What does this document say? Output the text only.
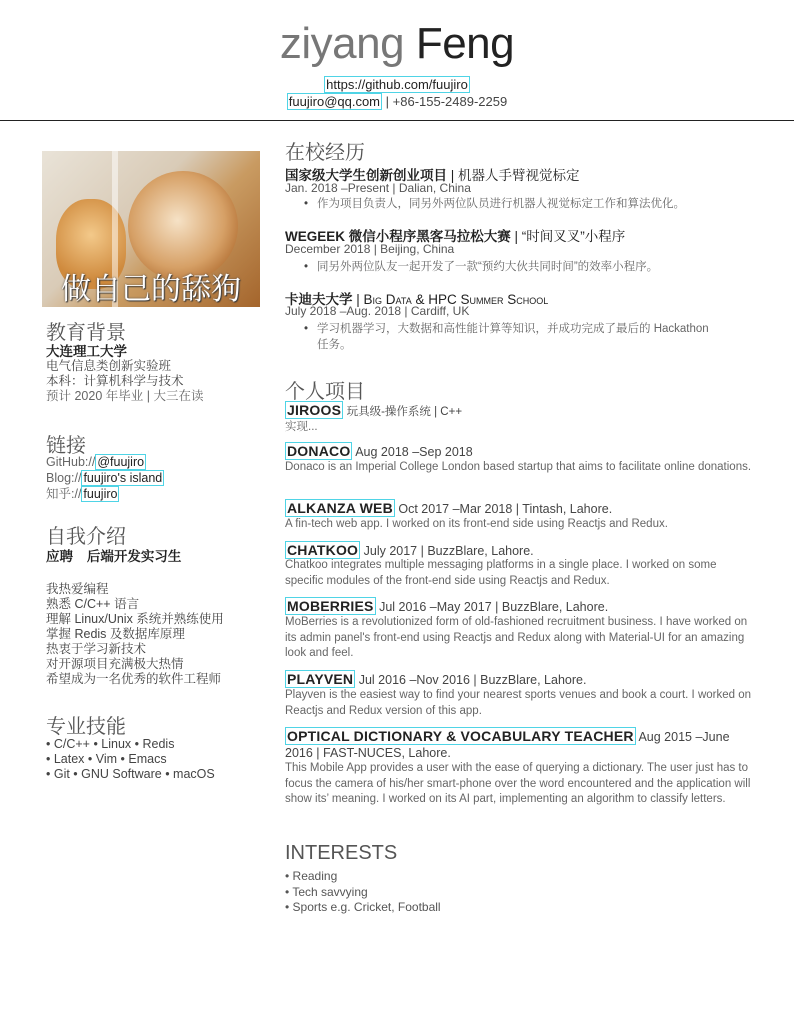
ziyang Feng
https://github.com/fuujiro
fuujiro@qq.com | +86-155-2489-2259
做自己的舔狗
教育背景
大连理工大学
电气信息类创新实验班
本科：计算机科学与技术
预计 2020 年毕业 | 大三在读
链接
GitHub:// @fuujiro
Blog:// fuujiro's island
知乎:// fuujiro
自我介绍
应聘 后端开发实习生
我热爱编程
熟悉 C/C++ 语言
理解 Linux/Unix 系统并熟练使用
掌握 Redis 及数据库原理
热衷于学习新技术
对开源项目充满极大热情
希望成为一名优秀的软件工程师
专业技能
• C/C++ • Linux • Redis
• Latex • Vim • Emacs
• Git • GNU Software • macOS
在校经历
国家级大学生创新创业项目 | 机器人手臂视觉标定
Jan. 2018 –Present | Dalian, China
• 作为项目负责人，同另外两位队员进行机器人视觉标定工作和算法优化。
WEGEEK 微信小程序黑客马拉松大赛 | “时间叉叉”小程序
December 2018 | Beijing, China
• 同另外两位队友一起开发了一款“预约大伙共同时间”的效率小程序。
卡迪夫大学 | Big Data & HPC Summer School
July 2018 –Aug. 2018 | Cardiff, UK
• 学习机器学习，大数据和高性能计算等知识，并成功完成了最后的 Hackathon 任务。
个人项目
JIROOS 玩具级-操作系统 | C++
实现...
DONACO Aug 2018 –Sep 2018
Donaco is an Imperial College London based startup that aims to facilitate online donations.
ALKANZA WEB Oct 2017 –Mar 2018 | Tintash, Lahore.
A fin-tech web app. I worked on its front-end side using Reactjs and Redux.
CHATKOO July 2017 | BuzzBlare, Lahore.
Chatkoo integrates multiple messaging platforms in a single place. I worked on some specific modules of the front-end side using Reactjs and Redux.
MOBERRIES Jul 2016 –May 2017 | BuzzBlare, Lahore.
MoBerries is a revolutionized form of old-fashioned recruitment business. I have worked on its admin panel's front-end using Reactjs and Redux along with Material-UI for an amazing look and feel.
PLAYVEN Jul 2016 –Nov 2016 | BuzzBlare, Lahore.
Playven is the easiest way to find your nearest sports venues and book a court. I worked on Reactjs and Redux version of this app.
OPTICAL DICTIONARY & VOCABULARY TEACHER Aug 2015 –June 2016 | FAST-NUCES, Lahore.
This Mobile App provides a user with the ease of querying a dictionary. The user just has to focus the camera of his/her smart-phone over the word encountered and the application will show its’ meaning. I worked on its AI part, implementing an algorithm to classify letters.
INTERESTS
• Reading
• Tech savvying
• Sports e.g. Cricket, Football
